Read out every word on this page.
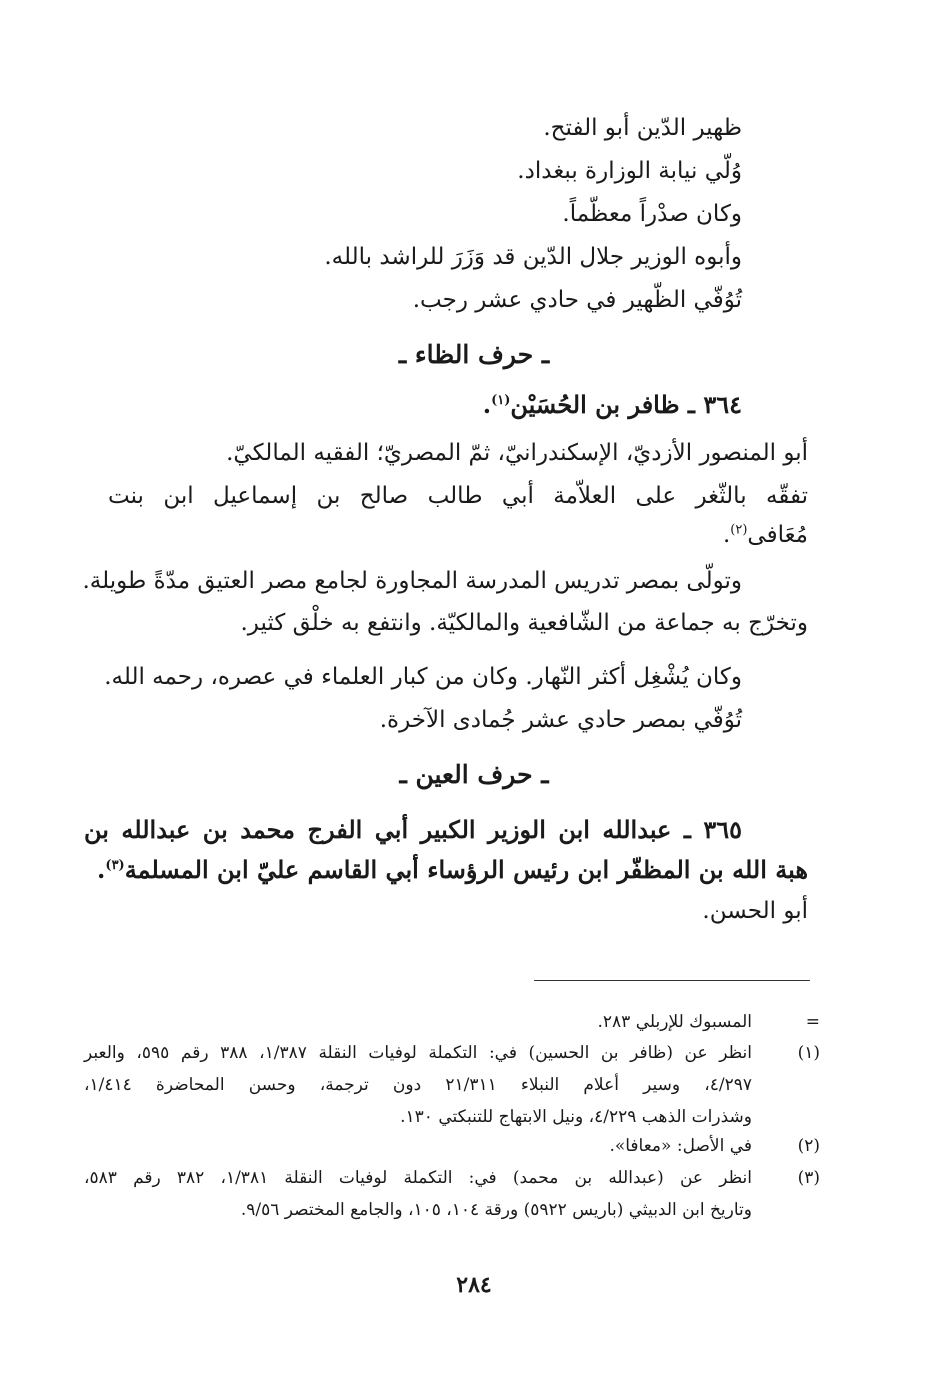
ظهير الدّين أبو الفتح.
وُلّي نيابة الوزارة ببغداد.
وكان صدْراً معظّماً.
وأبوه الوزير جلال الدّين قد وَزَرَ للراشد بالله.
تُوُفّي الظّهير في حادي عشر رجب.
ـ حرف الظاء ـ
٣٦٤ ـ ظافر بن الحُسَيْن$^{(١)}$.
أبو المنصور الأزديّ، الإسكندرانيّ، ثمّ المصريّ؛ الفقيه المالكيّ.
تفقّه بالثّغر على العلاّمة أبي طالب صالح بن إسماعيل ابن بنت
مُعَافى$^{(٢)}$.
وتولّى بمصر تدريس المدرسة المجاورة لجامع مصر العتيق مدّةً طويلة.
وتخرّج به جماعة من الشّافعية والمالكيّة. وانتفع به خلْق كثير.
وكان يُشْغِل أكثر النّهار. وكان من كبار العلماء في عصره، رحمه الله.
تُوُفّي بمصر حادي عشر جُمادى الآخرة.
ـ حرف العين ـ
٣٦٥ ـ عبدالله ابن الوزير الكبير أبي الفرج محمد بن عبدالله بن
هبة الله بن المظفّر ابن رئيس الرؤساء أبي القاسم عليّ ابن المسلمة$^{(٣)}$.
أبو الحسن.
=
المسبوك للإربلي ٢٨٣.
(١)
انظر عن (ظافر بن الحسين) في: التكملة لوفيات النقلة ١/٣٨٧، ٣٨٨ رقم ٥٩٥، والعبر
٤/٢٩٧، وسير أعلام النبلاء ٢١/٣١١ دون ترجمة، وحسن المحاضرة ١/٤١٤،
وشذرات الذهب ٤/٢٢٩، ونيل الابتهاج للتنبكتي ١٣٠.
(٢)
في الأصل: «معافا».
(٣)
انظر عن (عبدالله بن محمد) في: التكملة لوفيات النقلة ١/٣٨١، ٣٨٢ رقم ٥٨٣،
وتاريخ ابن الدبيثي (باريس ٥٩٢٢) ورقة ١٠٤، ١٠٥، والجامع المختصر ٩/٥٦.
٢٨٤
